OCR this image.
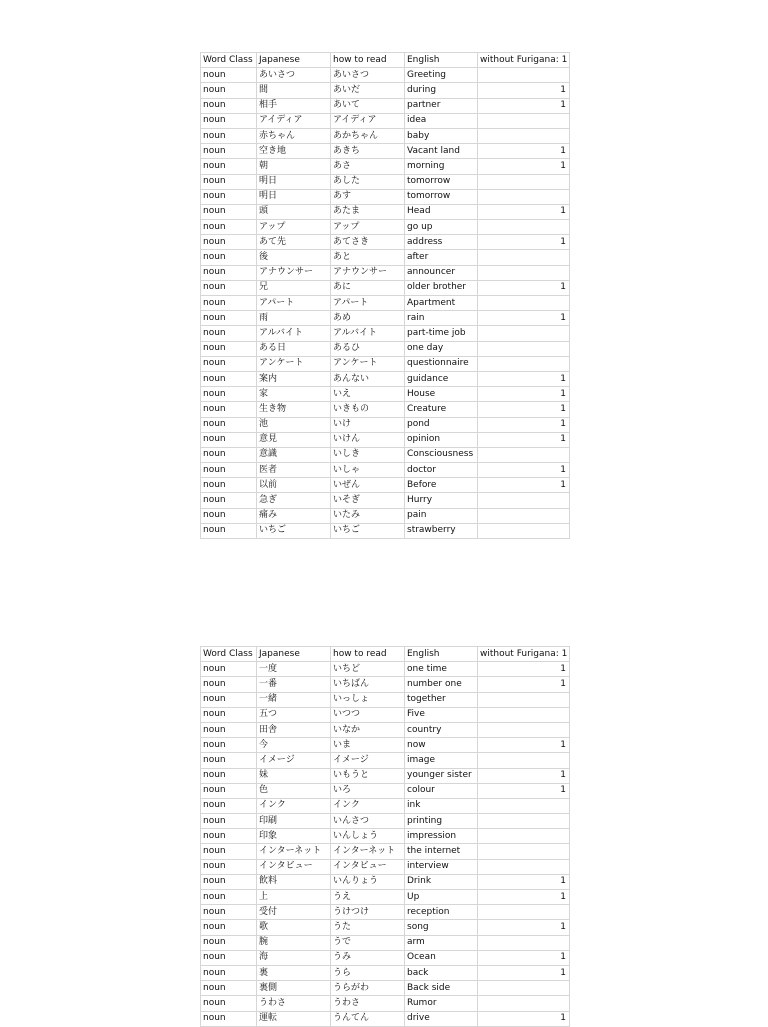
Word Class	Japanese	how to read	English	without Furigana: 1
noun	あいさつ	あいさつ	Greeting	
noun	間	あいだ	during	1
noun	相手	あいて	partner	1
noun	アイディア	アイディア	idea	
noun	赤ちゃん	あかちゃん	baby	
noun	空き地	あきち	Vacant land	1
noun	朝	あさ	morning	1
noun	明日	あした	tomorrow	
noun	明日	あす	tomorrow	
noun	頭	あたま	Head	1
noun	アップ	アップ	go up	
noun	あて先	あてさき	address	1
noun	後	あと	after	
noun	アナウンサー	アナウンサー	announcer	
noun	兄	あに	older brother	1
noun	アパート	アパート	Apartment	
noun	雨	あめ	rain	1
noun	アルバイト	アルバイト	part-time job	
noun	ある日	あるひ	one day	
noun	アンケート	アンケート	questionnaire	
noun	案内	あんない	guidance	1
noun	家	いえ	House	1
noun	生き物	いきもの	Creature	1
noun	池	いけ	pond	1
noun	意見	いけん	opinion	1
noun	意識	いしき	Consciousness	
noun	医者	いしゃ	doctor	1
noun	以前	いぜん	Before	1
noun	急ぎ	いそぎ	Hurry	
noun	痛み	いたみ	pain	
noun	いちご	いちご	strawberry	
Word Class	Japanese	how to read	English	without Furigana: 1
noun	一度	いちど	one time	1
noun	一番	いちばん	number one	1
noun	一緒	いっしょ	together	
noun	五つ	いつつ	Five	
noun	田舎	いなか	country	
noun	今	いま	now	1
noun	イメージ	イメージ	image	
noun	妹	いもうと	younger sister	1
noun	色	いろ	colour	1
noun	インク	インク	ink	
noun	印刷	いんさつ	printing	
noun	印象	いんしょう	impression	
noun	インターネット	インターネット	the internet	
noun	インタビュー	インタビュー	interview	
noun	飲料	いんりょう	Drink	1
noun	上	うえ	Up	1
noun	受付	うけつけ	reception	
noun	歌	うた	song	1
noun	腕	うで	arm	
noun	海	うみ	Ocean	1
noun	裏	うら	back	1
noun	裏側	うらがわ	Back side	
noun	うわさ	うわさ	Rumor	
noun	運転	うんてん	drive	1
